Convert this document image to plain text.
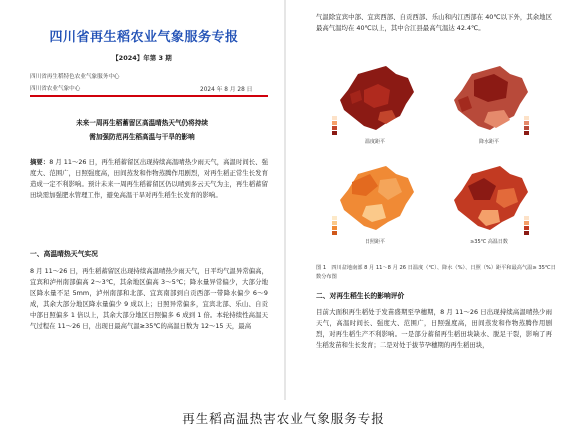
四川省再生稻农业气象服务专报
【2024】年第 3 期
四川省再生稻特色农业气象服务中心
四川省农业气象中心	2024 年 8 月 28 日
未来一周再生稻蓄留区高温晴热天气仍将持续
需加强防范再生稻高温与干旱的影响

摘要：8 月 11～26 日，再生稻蓄留区出现持续高温晴热少雨天气，高温时间长、强度大、范围广，日照强度高，田间蒸发和作物蒸腾作用剧烈，对再生稻正常生长发育造成一定不利影响。预计未来一周再生稻蓄留区仍以晴到多云天气为主，再生稻蓄留田块需加强肥水管理工作，避免高温干旱对再生稻生长发育的影响。

一、高温晴热天气实况

8 月 11～26 日，再生稻蓄留区出现持续高温晴热少雨天气，日平均气温异常偏高，宜宾和泸州南部偏高 2～3℃，其余地区偏高 3～5℃；降水量异常偏少，大部分地区降水量不足 5mm，泸州南部和北部、宜宾南部到自贡西部一带降水偏少 6～9 成，其余大部分地区降水量偏少 9 成以上；日照异常偏多，宜宾北部、乐山、自贡中部日照偏多 1 倍以上，其余大部分地区日照偏多 6 成到 1 倍。本轮持续性高温天气过程在 11～26 日，出现日最高气温≥35℃的高温日数为 12～15 天，最高

气温除宜宾中部、宜宾西部、自贡西部、乐山和内江西部在 40℃以下外，其余地区最高气温均在 40℃以上，其中合江县最高气温达 42.4℃。

温度距平	降水距平
日照距平	≥35℃ 高温日数
图 1　四川盆地南部 8 月 11～8 月 26 日温度（℃）、降水（%）、日照（%）距平和最高气温≥ 35℃日数分布图
二、对再生稻生长的影响评价

目前大面积再生稻处于发苗盛期至孕穗期，8 月 11～26 日出现持续高温晴热少雨天气，高温时间长、强度大、范围广，日照强度高，田间蒸发和作物蒸腾作用剧烈，对再生稻生产不利影响。一是部分蓄留再生稻田块缺水、脱足干裂，影响了再生稻发苗和生长发育；二是对处于拔节孕穗期的再生稻田块，

再生稻高温热害农业气象服务专报
